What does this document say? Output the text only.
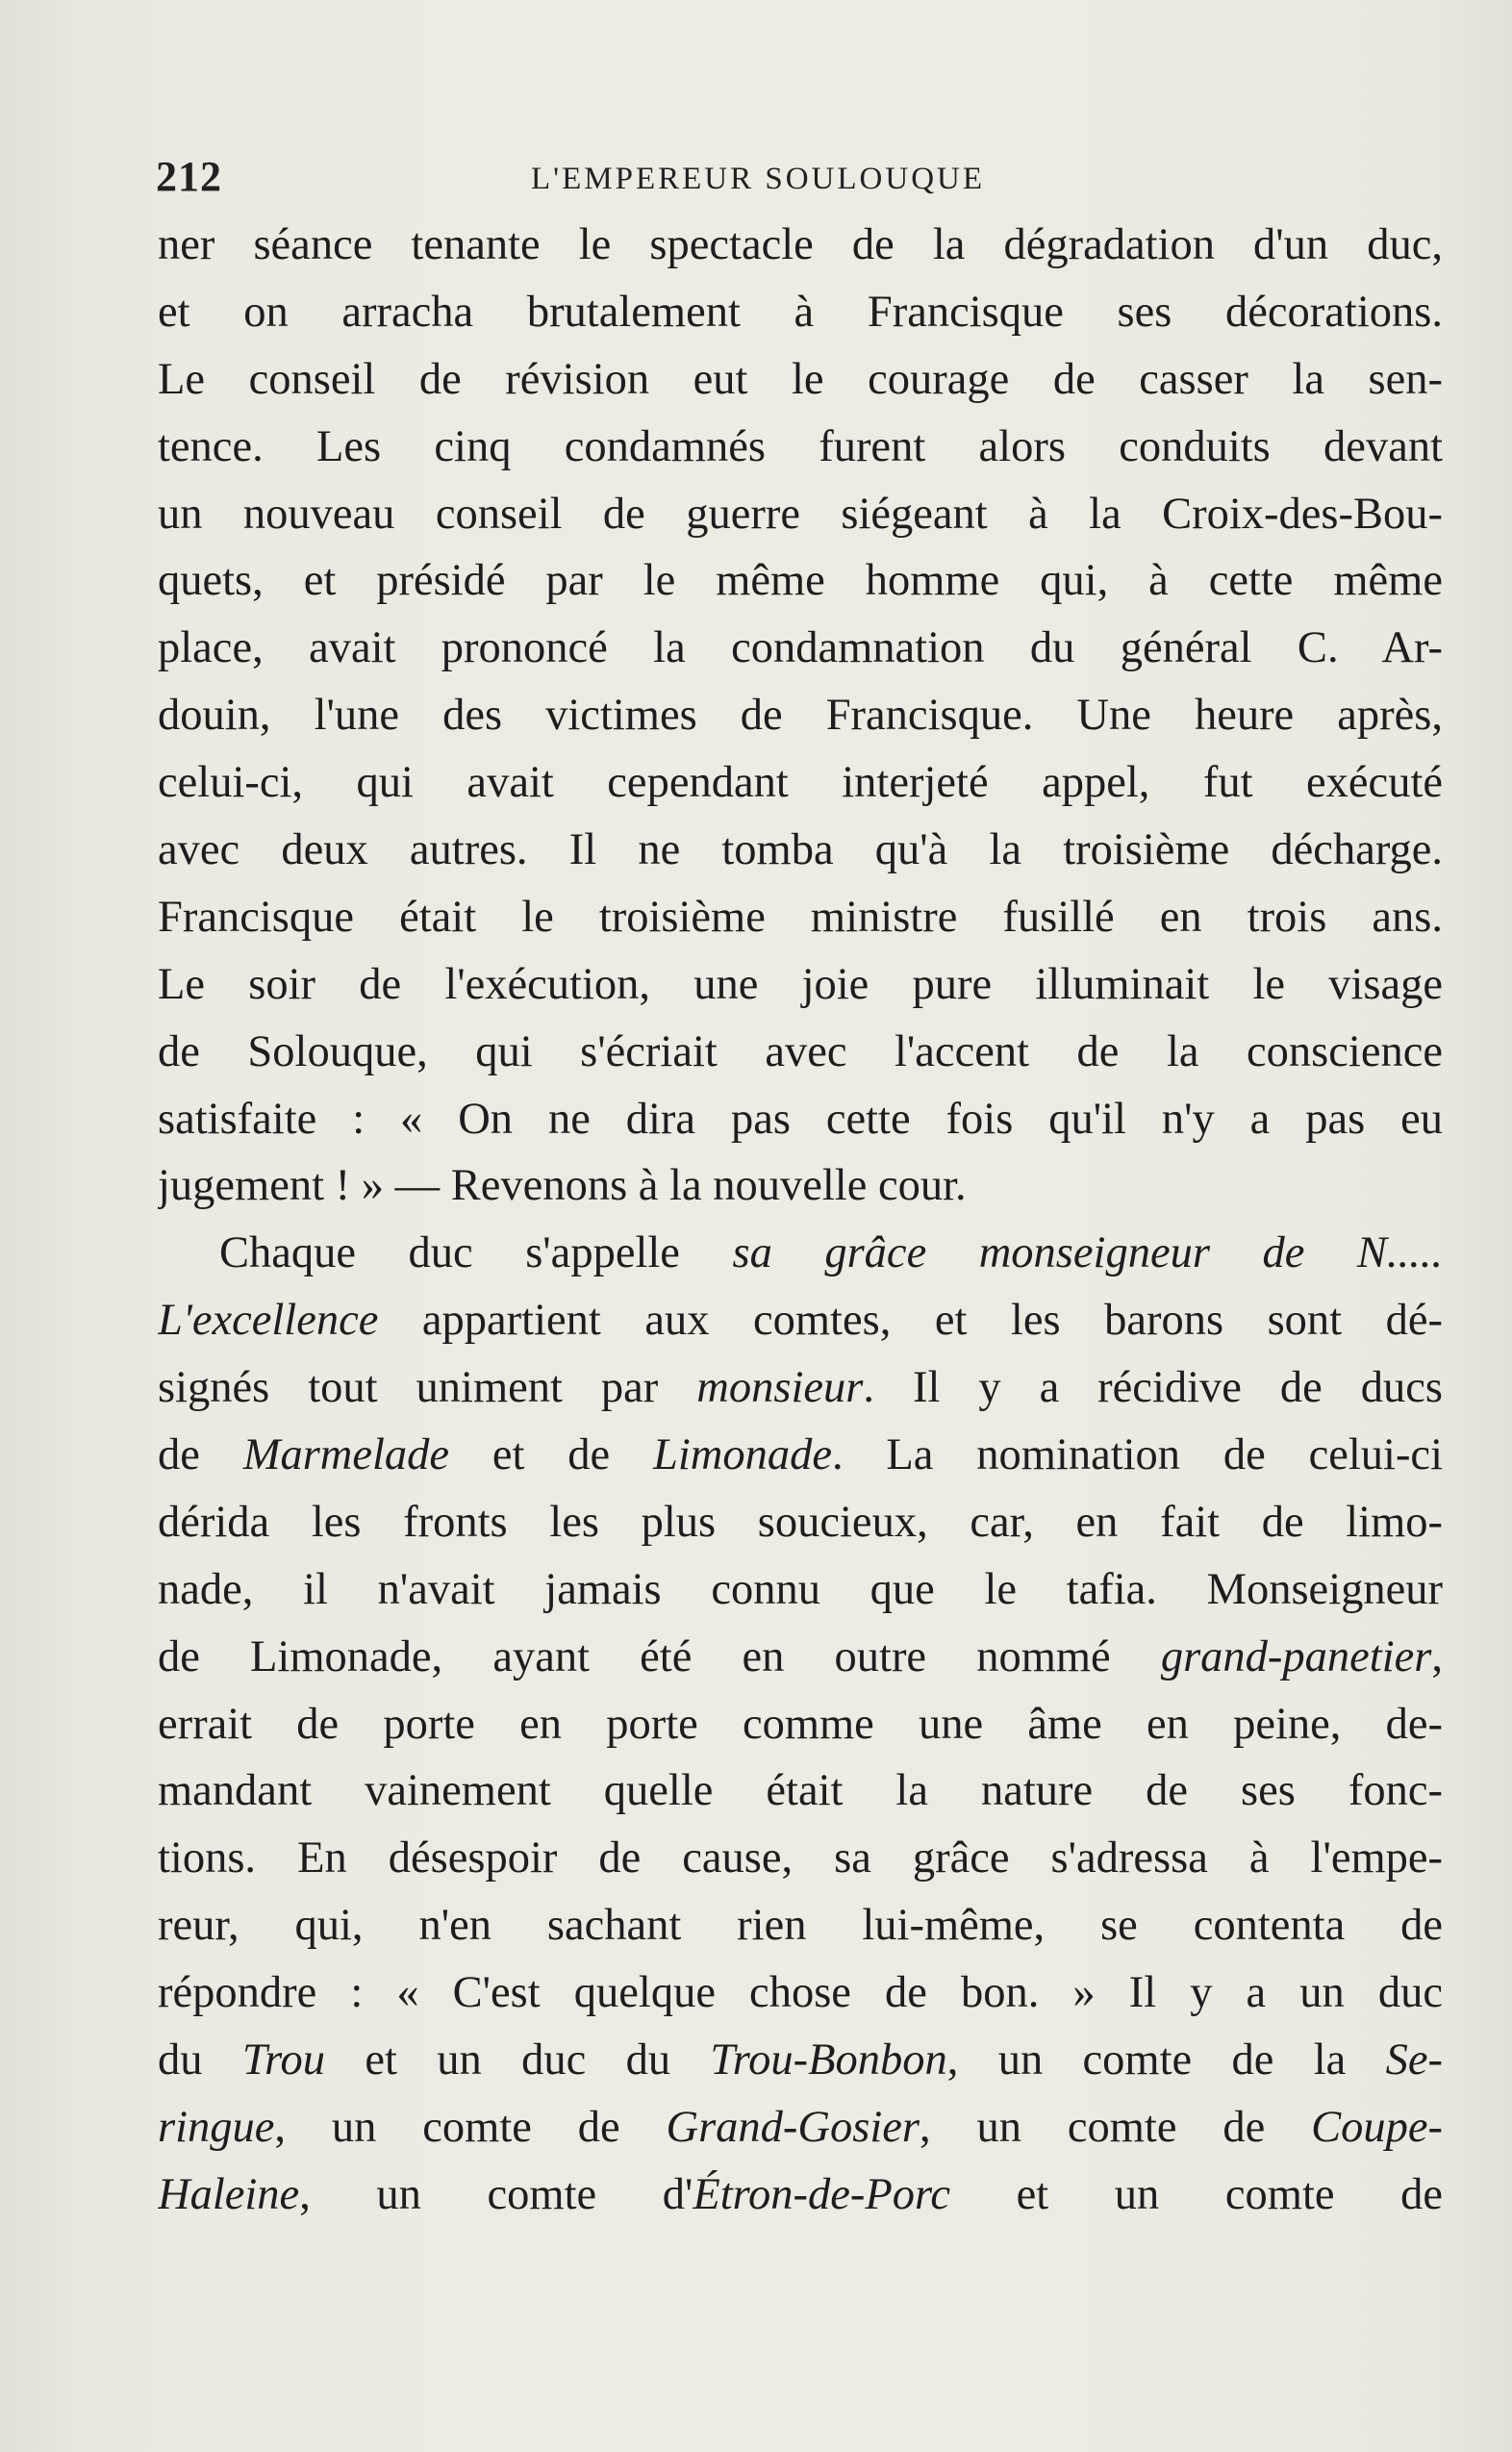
212	L'EMPEREUR SOULOUQUE
ner séance tenante le spectacle de la dégradation d'un duc,
et on arracha brutalement à Francisque ses décorations.
Le conseil de révision eut le courage de casser la sen-
tence. Les cinq condamnés furent alors conduits devant
un nouveau conseil de guerre siégeant à la Croix-des-Bou-
quets, et présidé par le même homme qui, à cette même
place, avait prononcé la condamnation du général C. Ar-
douin, l'une des victimes de Francisque. Une heure après,
celui-ci, qui avait cependant interjeté appel, fut exécuté
avec deux autres. Il ne tomba qu'à la troisième décharge.
Francisque était le troisième ministre fusillé en trois ans.
Le soir de l'exécution, une joie pure illuminait le visage
de Solouque, qui s'écriait avec l'accent de la conscience
satisfaite : « On ne dira pas cette fois qu'il n'y a pas eu
jugement ! » — Revenons à la nouvelle cour.
Chaque duc s'appelle sa grâce monseigneur de N.....
L'excellence appartient aux comtes, et les barons sont dé-
signés tout uniment par monsieur. Il y a récidive de ducs
de Marmelade et de Limonade. La nomination de celui-ci
dérida les fronts les plus soucieux, car, en fait de limo-
nade, il n'avait jamais connu que le tafia. Monseigneur
de Limonade, ayant été en outre nommé grand-panetier,
errait de porte en porte comme une âme en peine, de-
mandant vainement quelle était la nature de ses fonc-
tions. En désespoir de cause, sa grâce s'adressa à l'empe-
reur, qui, n'en sachant rien lui-même, se contenta de
répondre : « C'est quelque chose de bon. » Il y a un duc
du Trou et un duc du Trou-Bonbon, un comte de la Se-
ringue, un comte de Grand-Gosier, un comte de Coupe-
Haleine, un comte d'Étron-de-Porc et un comte de
